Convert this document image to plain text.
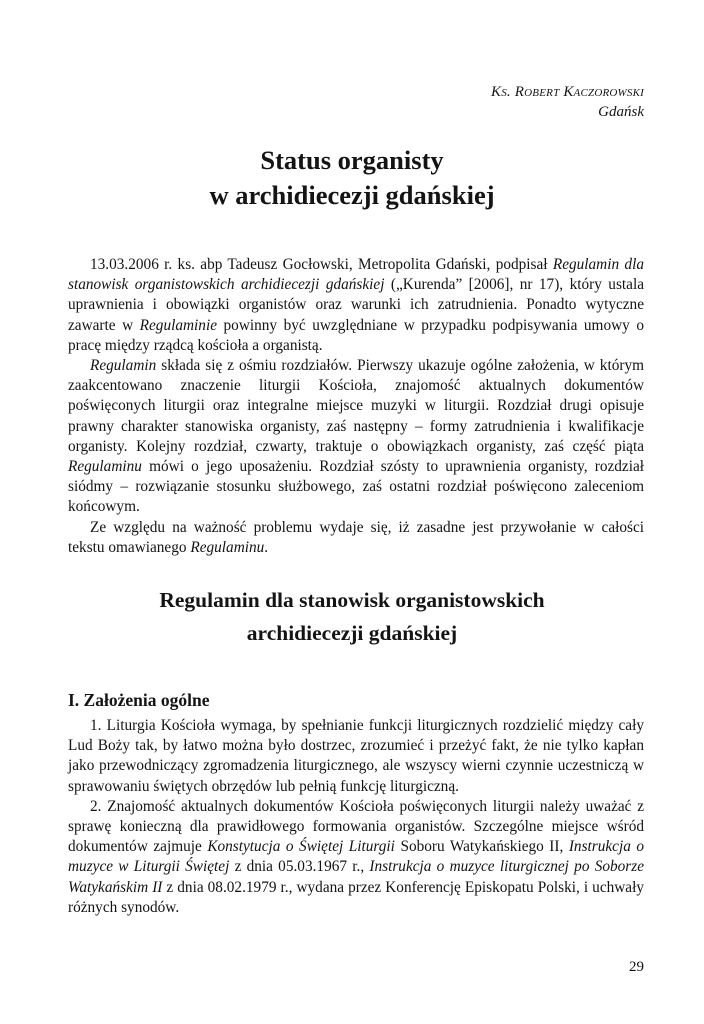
Ks. Robert Kaczorowski
Gdańsk
Status organisty
w archidiecezji gdańskiej

13.03.2006 r. ks. abp Tadeusz Gocłowski, Metropolita Gdański, podpisał Regulamin dla stanowisk organistowskich archidiecezji gdańskiej („Kurenda” [2006], nr 17), który ustala uprawnienia i obowiązki organistów oraz warunki ich zatrudnienia. Ponadto wytyczne zawarte w Regulaminie powinny być uwzględniane w przypadku podpisywania umowy o pracę między rządcą kościoła a organistą.

Regulamin składa się z ośmiu rozdziałów. Pierwszy ukazuje ogólne założenia, w którym zaakcentowano znaczenie liturgii Kościoła, znajomość aktualnych dokumentów poświęconych liturgii oraz integralne miejsce muzyki w liturgii. Rozdział drugi opisuje prawny charakter stanowiska organisty, zaś następny – formy zatrudnienia i kwalifikacje organisty. Kolejny rozdział, czwarty, traktuje o obowiązkach organisty, zaś część piąta Regulaminu mówi o jego uposażeniu. Rozdział szósty to uprawnienia organisty, rozdział siódmy – rozwiązanie stosunku służbowego, zaś ostatni rozdział poświęcono zaleceniom końcowym.

Ze względu na ważność problemu wydaje się, iż zasadne jest przywołanie w całości tekstu omawianego Regulaminu.

Regulamin dla stanowisk organistowskich
archidiecezji gdańskiej
I. Założenia ogólne

1. Liturgia Kościoła wymaga, by spełnianie funkcji liturgicznych rozdzielić między cały Lud Boży tak, by łatwo można było dostrzec, zrozumieć i przeżyć fakt, że nie tylko kapłan jako przewodniczący zgromadzenia liturgicznego, ale wszyscy wierni czynnie uczestniczą w sprawowaniu świętych obrzędów lub pełnią funkcję liturgiczną.

2. Znajomość aktualnych dokumentów Kościoła poświęconych liturgii należy uważać z sprawę konieczną dla prawidłowego formowania organistów. Szczególne miejsce wśród dokumentów zajmuje Konstytucja o Świętej Liturgii Soboru Watykańskiego II, Instrukcja o muzyce w Liturgii Świętej z dnia 05.03.1967 r., Instrukcja o muzyce liturgicznej po Soborze Watykańskim II z dnia 08.02.1979 r., wydana przez Konferencję Episkopatu Polski, i uchwały różnych synodów.

29
